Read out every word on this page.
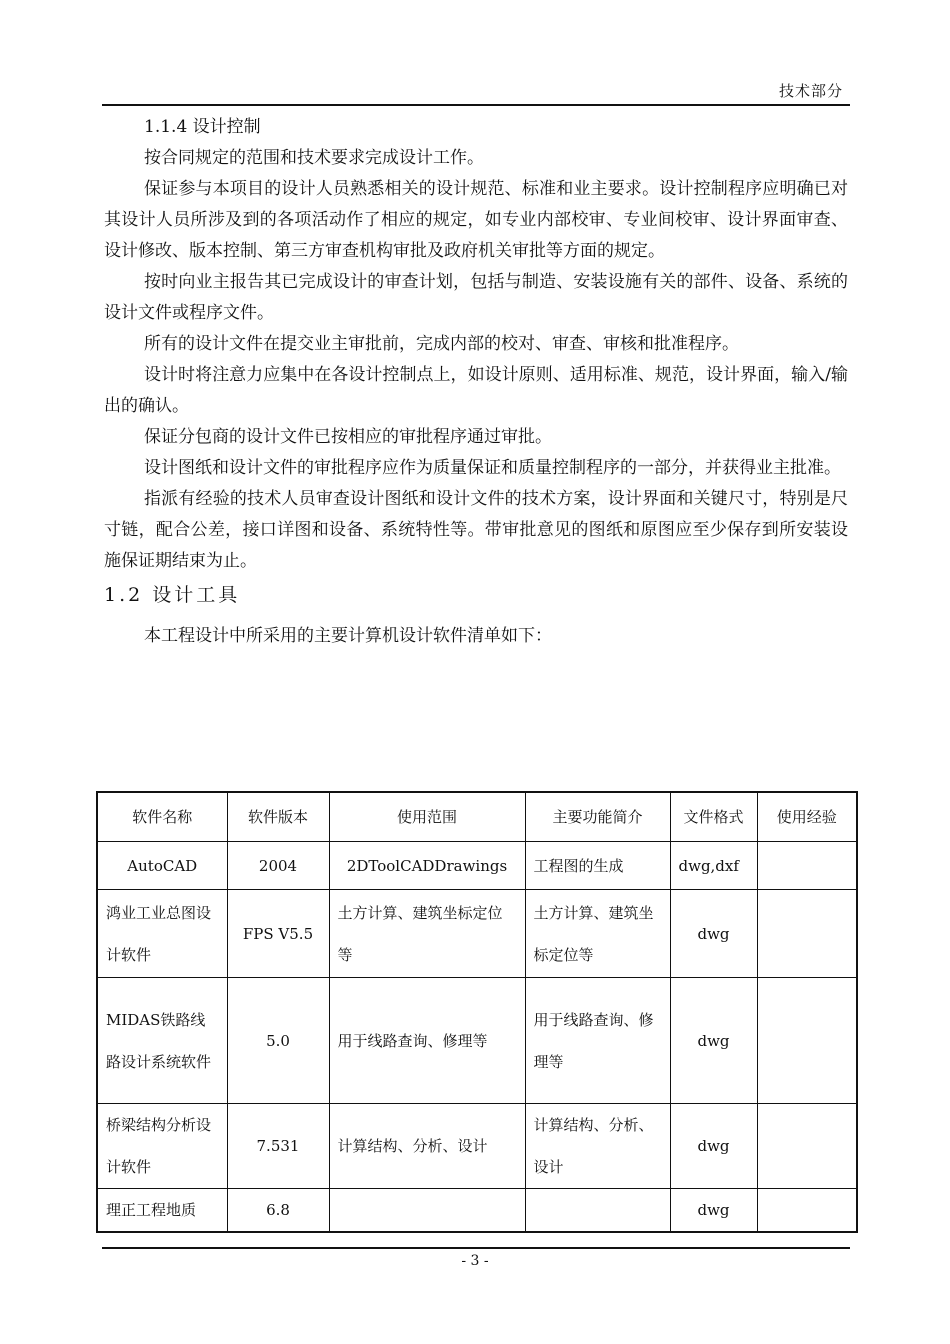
技术部分

1.1.4 设计控制

按合同规定的范围和技术要求完成设计工作。

保证参与本项目的设计人员熟悉相关的设计规范、标准和业主要求。设计控制程序应明确已对其设计人员所涉及到的各项活动作了相应的规定，如专业内部校审、专业间校审、设计界面审查、设计修改、版本控制、第三方审查机构审批及政府机关审批等方面的规定。

按时向业主报告其已完成设计的审查计划，包括与制造、安装设施有关的部件、设备、系统的设计文件或程序文件。

所有的设计文件在提交业主审批前，完成内部的校对、审查、审核和批准程序。

设计时将注意力应集中在各设计控制点上，如设计原则、适用标准、规范，设计界面，输入/输出的确认。

保证分包商的设计文件已按相应的审批程序通过审批。

设计图纸和设计文件的审批程序应作为质量保证和质量控制程序的一部分，并获得业主批准。

指派有经验的技术人员审查设计图纸和设计文件的技术方案，设计界面和关键尺寸，特别是尺寸链，配合公差，接口详图和设备、系统特性等。带审批意见的图纸和原图应至少保存到所安装设施保证期结束为止。

1.2 设计工具

本工程设计中所采用的主要计算机设计软件清单如下：

软件名称	软件版本	使用范围	主要功能简介	文件格式	使用经验
AutoCAD	2004	2DToolCADDrawings	工程图的生成	dwg,dxf	
鸿业工业总图设计软件	FPS V5.5	土方计算、建筑坐标定位等	土方计算、建筑坐标定位等	dwg	
MIDAS铁路线路设计系统软件	5.0	用于线路查询、修理等	用于线路查询、修理等	dwg	
桥梁结构分析设计软件	7.531	计算结构、分析、设计	计算结构、分析、设计	dwg	
理正工程地质	6.8			dwg	
- 3 -
